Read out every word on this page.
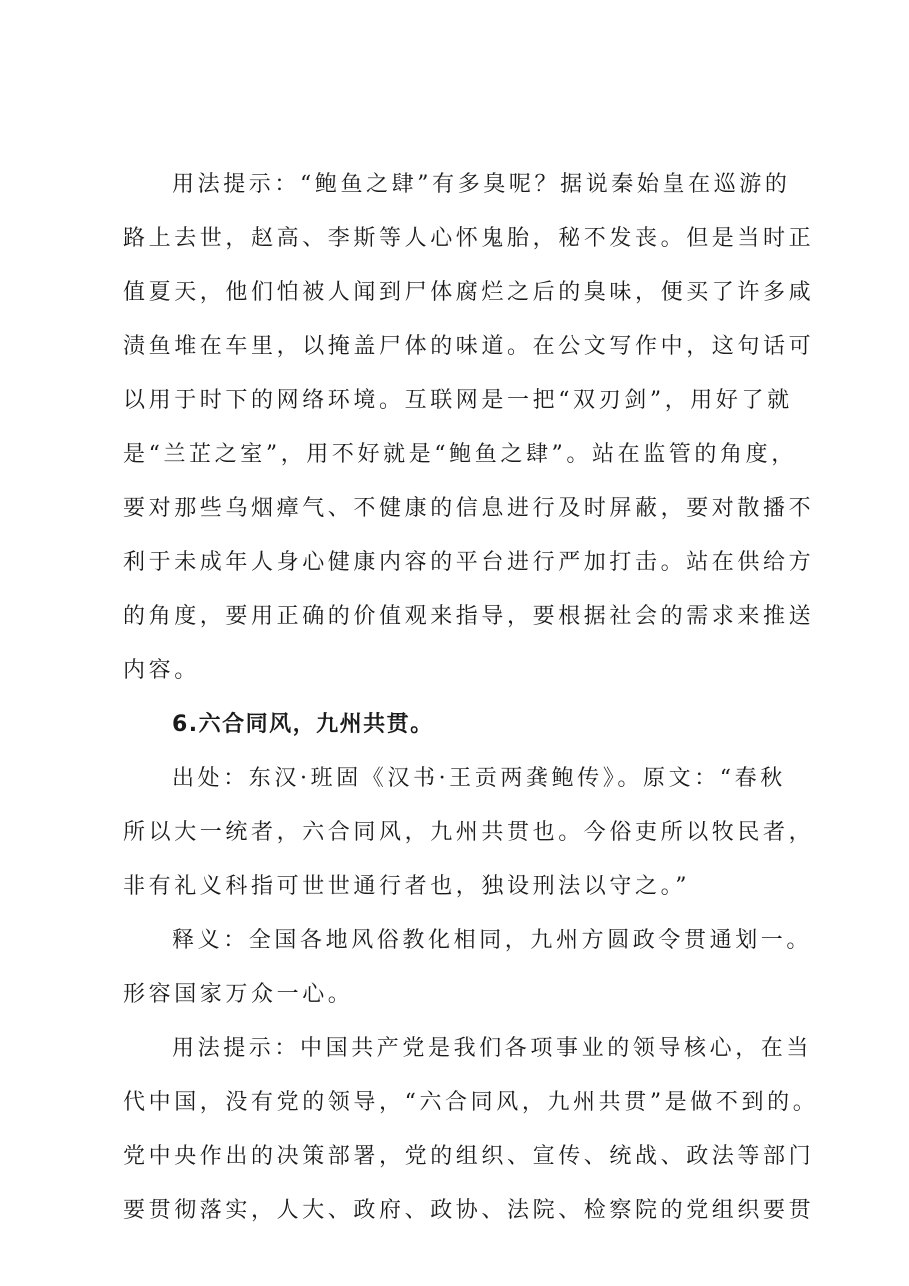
用法提示：“鲍鱼之肆”有多臭呢？据说秦始皇在巡游的
路上去世，赵高、李斯等人心怀鬼胎，秘不发丧。但是当时正
值夏天，他们怕被人闻到尸体腐烂之后的臭味，便买了许多咸
渍鱼堆在车里，以掩盖尸体的味道。在公文写作中，这句话可
以用于时下的网络环境。互联网是一把“双刃剑”，用好了就
是“兰芷之室”，用不好就是“鲍鱼之肆”。站在监管的角度，
要对那些乌烟瘴气、不健康的信息进行及时屏蔽，要对散播不
利于未成年人身心健康内容的平台进行严加打击。站在供给方
的角度，要用正确的价值观来指导，要根据社会的需求来推送
内容。
6.六合同风，九州共贯。
出处：东汉·班固《汉书·王贡两龚鲍传》。原文：“春秋
所以大一统者，六合同风，九州共贯也。今俗吏所以牧民者，
非有礼义科指可世世通行者也，独设刑法以守之。”
释义：全国各地风俗教化相同，九州方圆政令贯通划一。
形容国家万众一心。
用法提示：中国共产党是我们各项事业的领导核心，在当
代中国，没有党的领导，“六合同风，九州共贯”是做不到的。
党中央作出的决策部署，党的组织、宣传、统战、政法等部门
要贯彻落实，人大、政府、政协、法院、检察院的党组织要贯
